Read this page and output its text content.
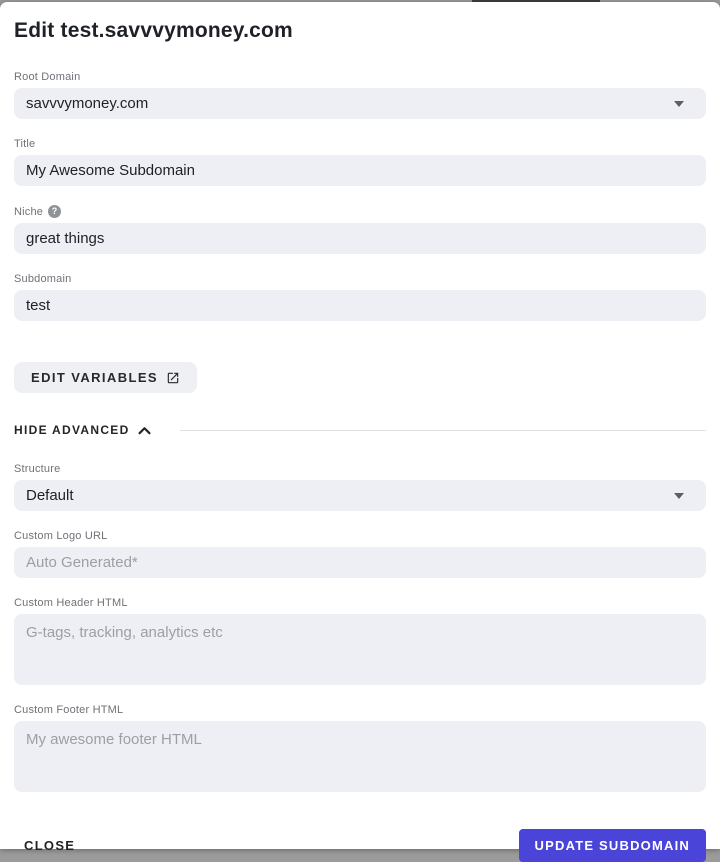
Edit test.savvvymoney.com
Root Domain
savvvymoney.com
Title
My Awesome Subdomain
Niche ?
great things
Subdomain
test
EDIT VARIABLES
HIDE ADVANCED
Structure
Default
Custom Logo URL
Auto Generated*
Custom Header HTML
G-tags, tracking, analytics etc
Custom Footer HTML
My awesome footer HTML
CLOSE	UPDATE SUBDOMAIN
